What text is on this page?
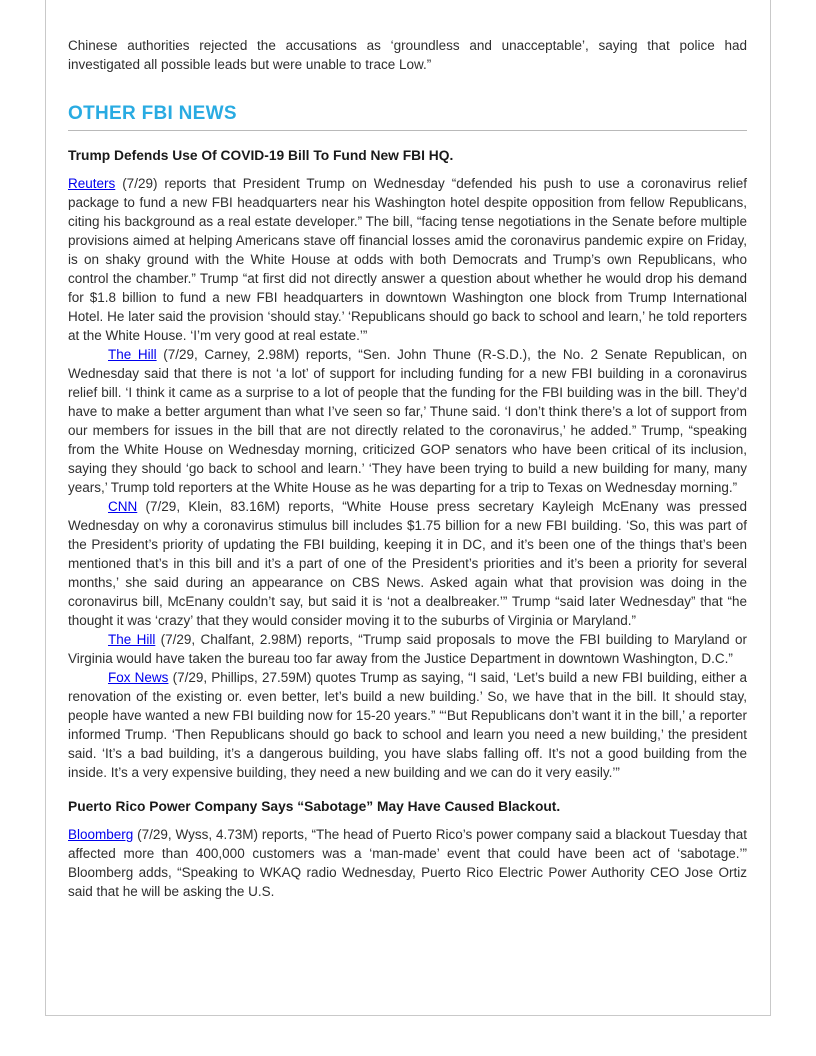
Chinese authorities rejected the accusations as ‘groundless and unacceptable’, saying that police had investigated all possible leads but were unable to trace Low.”

OTHER FBI NEWS
Trump Defends Use Of COVID-19 Bill To Fund New FBI HQ.

Reuters (7/29) reports that President Trump on Wednesday “defended his push to use a coronavirus relief package to fund a new FBI headquarters near his Washington hotel despite opposition from fellow Republicans, citing his background as a real estate developer.” The bill, “facing tense negotiations in the Senate before multiple provisions aimed at helping Americans stave off financial losses amid the coronavirus pandemic expire on Friday, is on shaky ground with the White House at odds with both Democrats and Trump’s own Republicans, who control the chamber.” Trump “at first did not directly answer a question about whether he would drop his demand for $1.8 billion to fund a new FBI headquarters in downtown Washington one block from Trump International Hotel. He later said the provision ‘should stay.’ ‘Republicans should go back to school and learn,’ he told reporters at the White House. ‘I’m very good at real estate.’”

The Hill (7/29, Carney, 2.98M) reports, “Sen. John Thune (R-S.D.), the No. 2 Senate Republican, on Wednesday said that there is not ‘a lot’ of support for including funding for a new FBI building in a coronavirus relief bill. ‘I think it came as a surprise to a lot of people that the funding for the FBI building was in the bill. They’d have to make a better argument than what I’ve seen so far,’ Thune said. ‘I don’t think there’s a lot of support from our members for issues in the bill that are not directly related to the coronavirus,’ he added.” Trump, “speaking from the White House on Wednesday morning, criticized GOP senators who have been critical of its inclusion, saying they should ‘go back to school and learn.’ ‘They have been trying to build a new building for many, many years,’ Trump told reporters at the White House as he was departing for a trip to Texas on Wednesday morning.”

CNN (7/29, Klein, 83.16M) reports, “White House press secretary Kayleigh McEnany was pressed Wednesday on why a coronavirus stimulus bill includes $1.75 billion for a new FBI building. ‘So, this was part of the President’s priority of updating the FBI building, keeping it in DC, and it’s been one of the things that’s been mentioned that’s in this bill and it’s a part of one of the President’s priorities and it’s been a priority for several months,’ she said during an appearance on CBS News. Asked again what that provision was doing in the coronavirus bill, McEnany couldn’t say, but said it is ‘not a dealbreaker.’” Trump “said later Wednesday” that “he thought it was ‘crazy’ that they would consider moving it to the suburbs of Virginia or Maryland.”

The Hill (7/29, Chalfant, 2.98M) reports, “Trump said proposals to move the FBI building to Maryland or Virginia would have taken the bureau too far away from the Justice Department in downtown Washington, D.C.”

Fox News (7/29, Phillips, 27.59M) quotes Trump as saying, “I said, ‘Let’s build a new FBI building, either a renovation of the existing or. even better, let’s build a new building.’ So, we have that in the bill. It should stay, people have wanted a new FBI building now for 15-20 years.” “‘But Republicans don’t want it in the bill,’ a reporter informed Trump. ‘Then Republicans should go back to school and learn you need a new building,’ the president said. ‘It’s a bad building, it’s a dangerous building, you have slabs falling off. It’s not a good building from the inside. It’s a very expensive building, they need a new building and we can do it very easily.’”

Puerto Rico Power Company Says “Sabotage” May Have Caused Blackout.

Bloomberg (7/29, Wyss, 4.73M) reports, “The head of Puerto Rico’s power company said a blackout Tuesday that affected more than 400,000 customers was a ‘man-made’ event that could have been act of ‘sabotage.’” Bloomberg adds, “Speaking to WKAQ radio Wednesday, Puerto Rico Electric Power Authority CEO Jose Ortiz said that he will be asking the U.S.
